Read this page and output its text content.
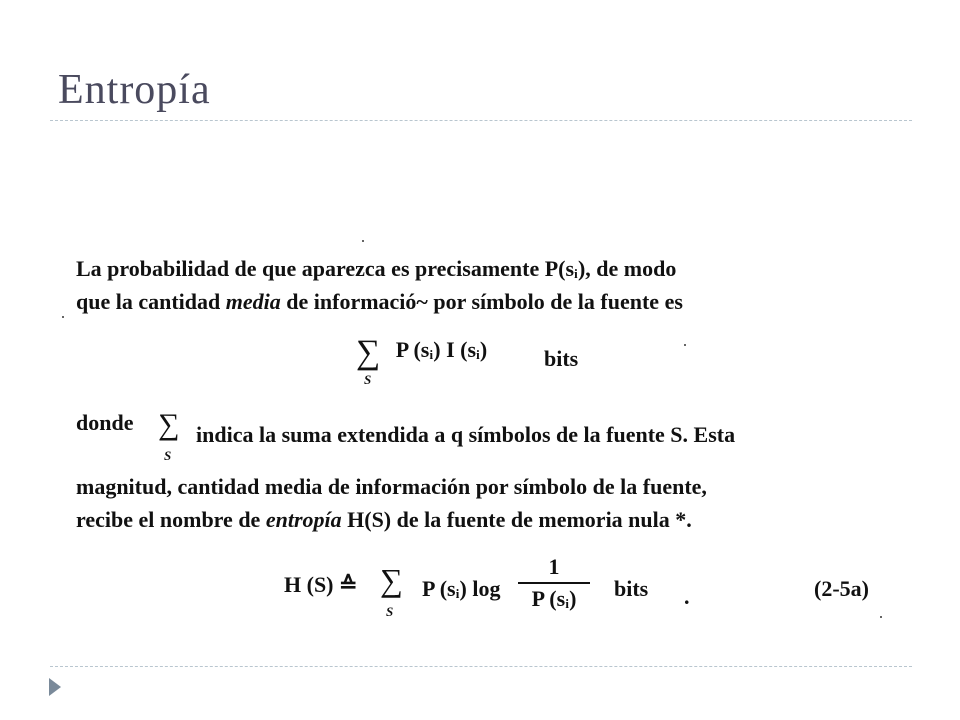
Entropía
La probabilidad de que aparezca es precisamente P(sᵢ), de modo
que la cantidad media de informació~ por símbolo de la fuente es
∑
S
P (sᵢ) I (sᵢ)	bits
donde ∑
S
indica la suma extendida a q símbolos de la fuente S. Esta
magnitud, cantidad media de información por símbolo de la fuente,
recibe el nombre de entropía H(S) de la fuente de memoria nula *.
H (S) ≙ ∑
S
P (sᵢ) $\log \frac{1}{\text{P (sᵢ)}}$ bits .	(2-5a)
